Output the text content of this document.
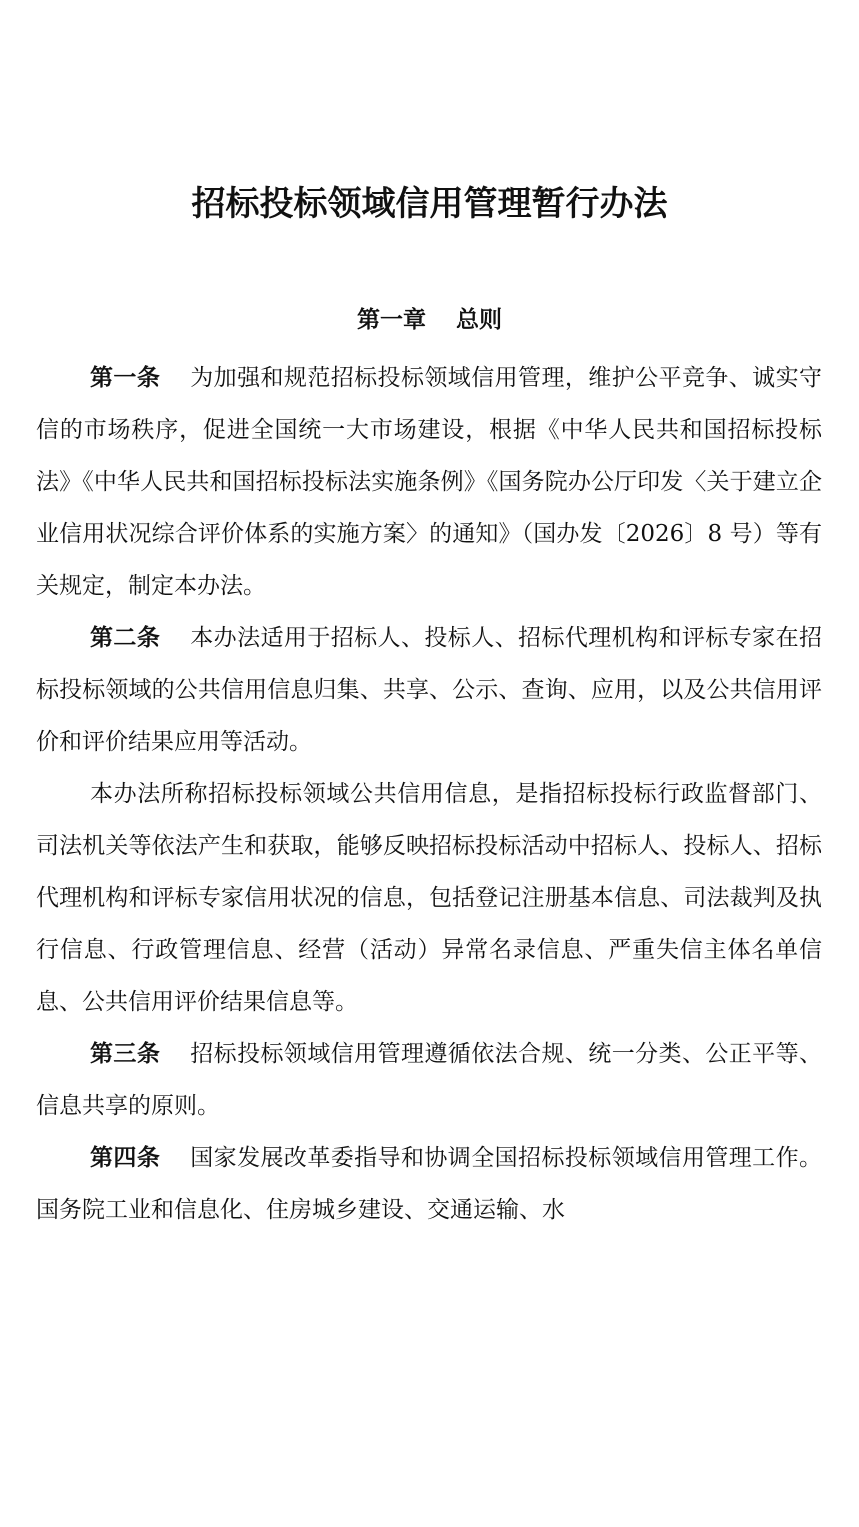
招标投标领域信用管理暂行办法
第一章 总则

第一条 为加强和规范招标投标领域信用管理，维护公平竞争、诚实守信的市场秩序，促进全国统一大市场建设，根据《中华人民共和国招标投标法》《中华人民共和国招标投标法实施条例》《国务院办公厅印发〈关于建立企业信用状况综合评价体系的实施方案〉的通知》（国办发〔2026〕8 号）等有关规定，制定本办法。

第二条 本办法适用于招标人、投标人、招标代理机构和评标专家在招标投标领域的公共信用信息归集、共享、公示、查询、应用，以及公共信用评价和评价结果应用等活动。

本办法所称招标投标领域公共信用信息，是指招标投标行政监督部门、司法机关等依法产生和获取，能够反映招标投标活动中招标人、投标人、招标代理机构和评标专家信用状况的信息，包括登记注册基本信息、司法裁判及执行信息、行政管理信息、经营（活动）异常名录信息、严重失信主体名单信息、公共信用评价结果信息等。

第三条 招标投标领域信用管理遵循依法合规、统一分类、公正平等、信息共享的原则。

第四条 国家发展改革委指导和协调全国招标投标领域信用管理工作。国务院工业和信息化、住房城乡建设、交通运输、水
